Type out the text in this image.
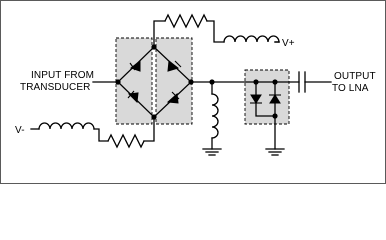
INPUT FROM
TRANSDUCER
OUTPUT
TO LNA
V+
V-
